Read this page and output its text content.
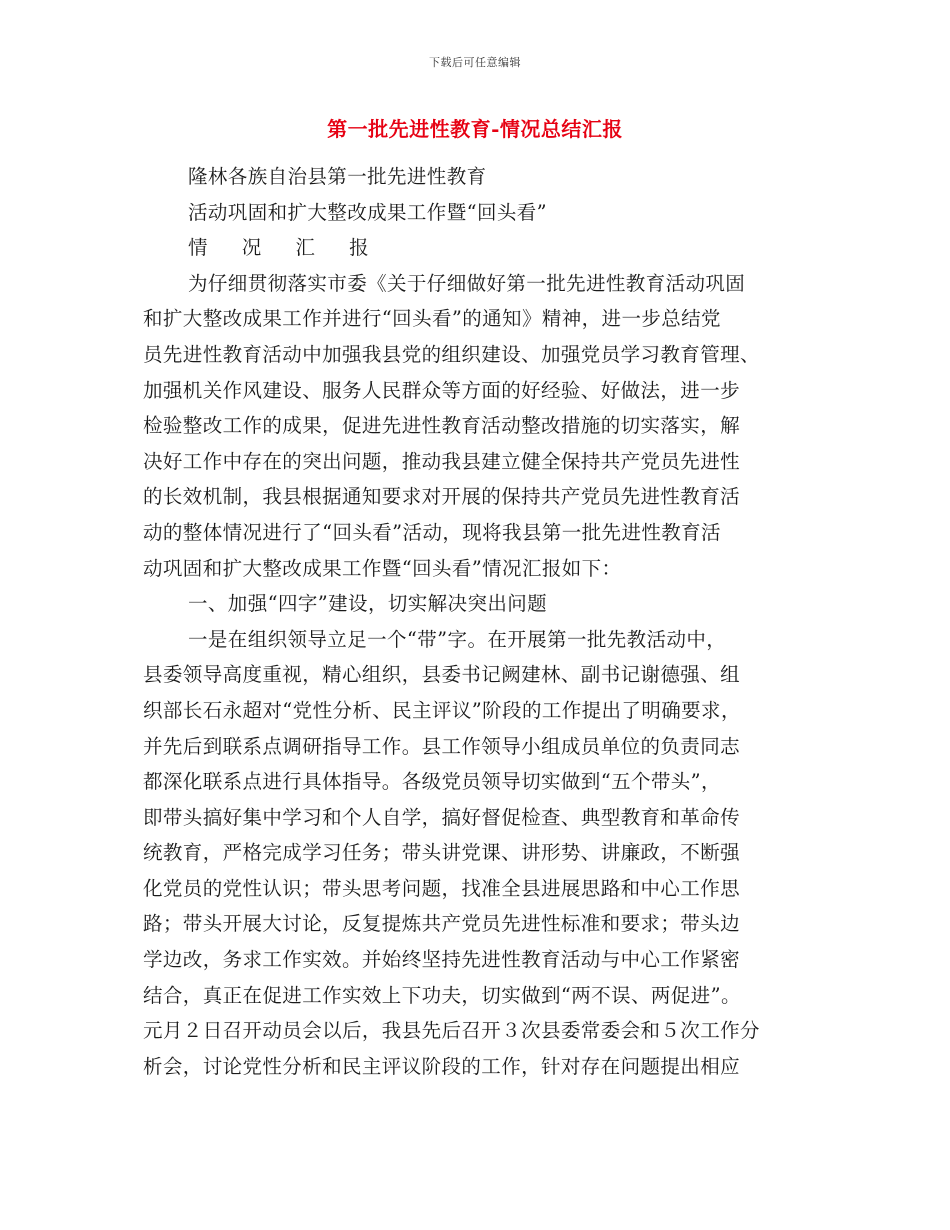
下载后可任意编辑
第一批先进性教育-情况总结汇报
隆林各族自治县第一批先进性教育
活动巩固和扩大整改成果工作暨“回头看”
情 况 汇 报
为仔细贯彻落实市委《关于仔细做好第一批先进性教育活动巩固
和扩大整改成果工作并进行“回头看”的通知》精神，进一步总结党
员先进性教育活动中加强我县党的组织建设、加强党员学习教育管理、
加强机关作风建设、服务人民群众等方面的好经验、好做法，进一步
检验整改工作的成果，促进先进性教育活动整改措施的切实落实，解
决好工作中存在的突出问题，推动我县建立健全保持共产党员先进性
的长效机制，我县根据通知要求对开展的保持共产党员先进性教育活
动的整体情况进行了“回头看”活动，现将我县第一批先进性教育活
动巩固和扩大整改成果工作暨“回头看”情况汇报如下：
一、加强“四字”建设，切实解决突出问题
一是在组织领导立足一个“带”字。在开展第一批先教活动中，
县委领导高度重视，精心组织，县委书记阙建林、副书记谢德强、组
织部长石永超对“党性分析、民主评议”阶段的工作提出了明确要求，
并先后到联系点调研指导工作。县工作领导小组成员单位的负责同志
都深化联系点进行具体指导。各级党员领导切实做到“五个带头”，
即带头搞好集中学习和个人自学，搞好督促检查、典型教育和革命传
统教育，严格完成学习任务；带头讲党课、讲形势、讲廉政，不断强
化党员的党性认识；带头思考问题，找准全县进展思路和中心工作思
路；带头开展大讨论，反复提炼共产党员先进性标准和要求；带头边
学边改，务求工作实效。并始终坚持先进性教育活动与中心工作紧密
结合，真正在促进工作实效上下功夫，切实做到“两不误、两促进”。
元月２日召开动员会以后，我县先后召开３次县委常委会和５次工作分
析会，讨论党性分析和民主评议阶段的工作，针对存在问题提出相应
